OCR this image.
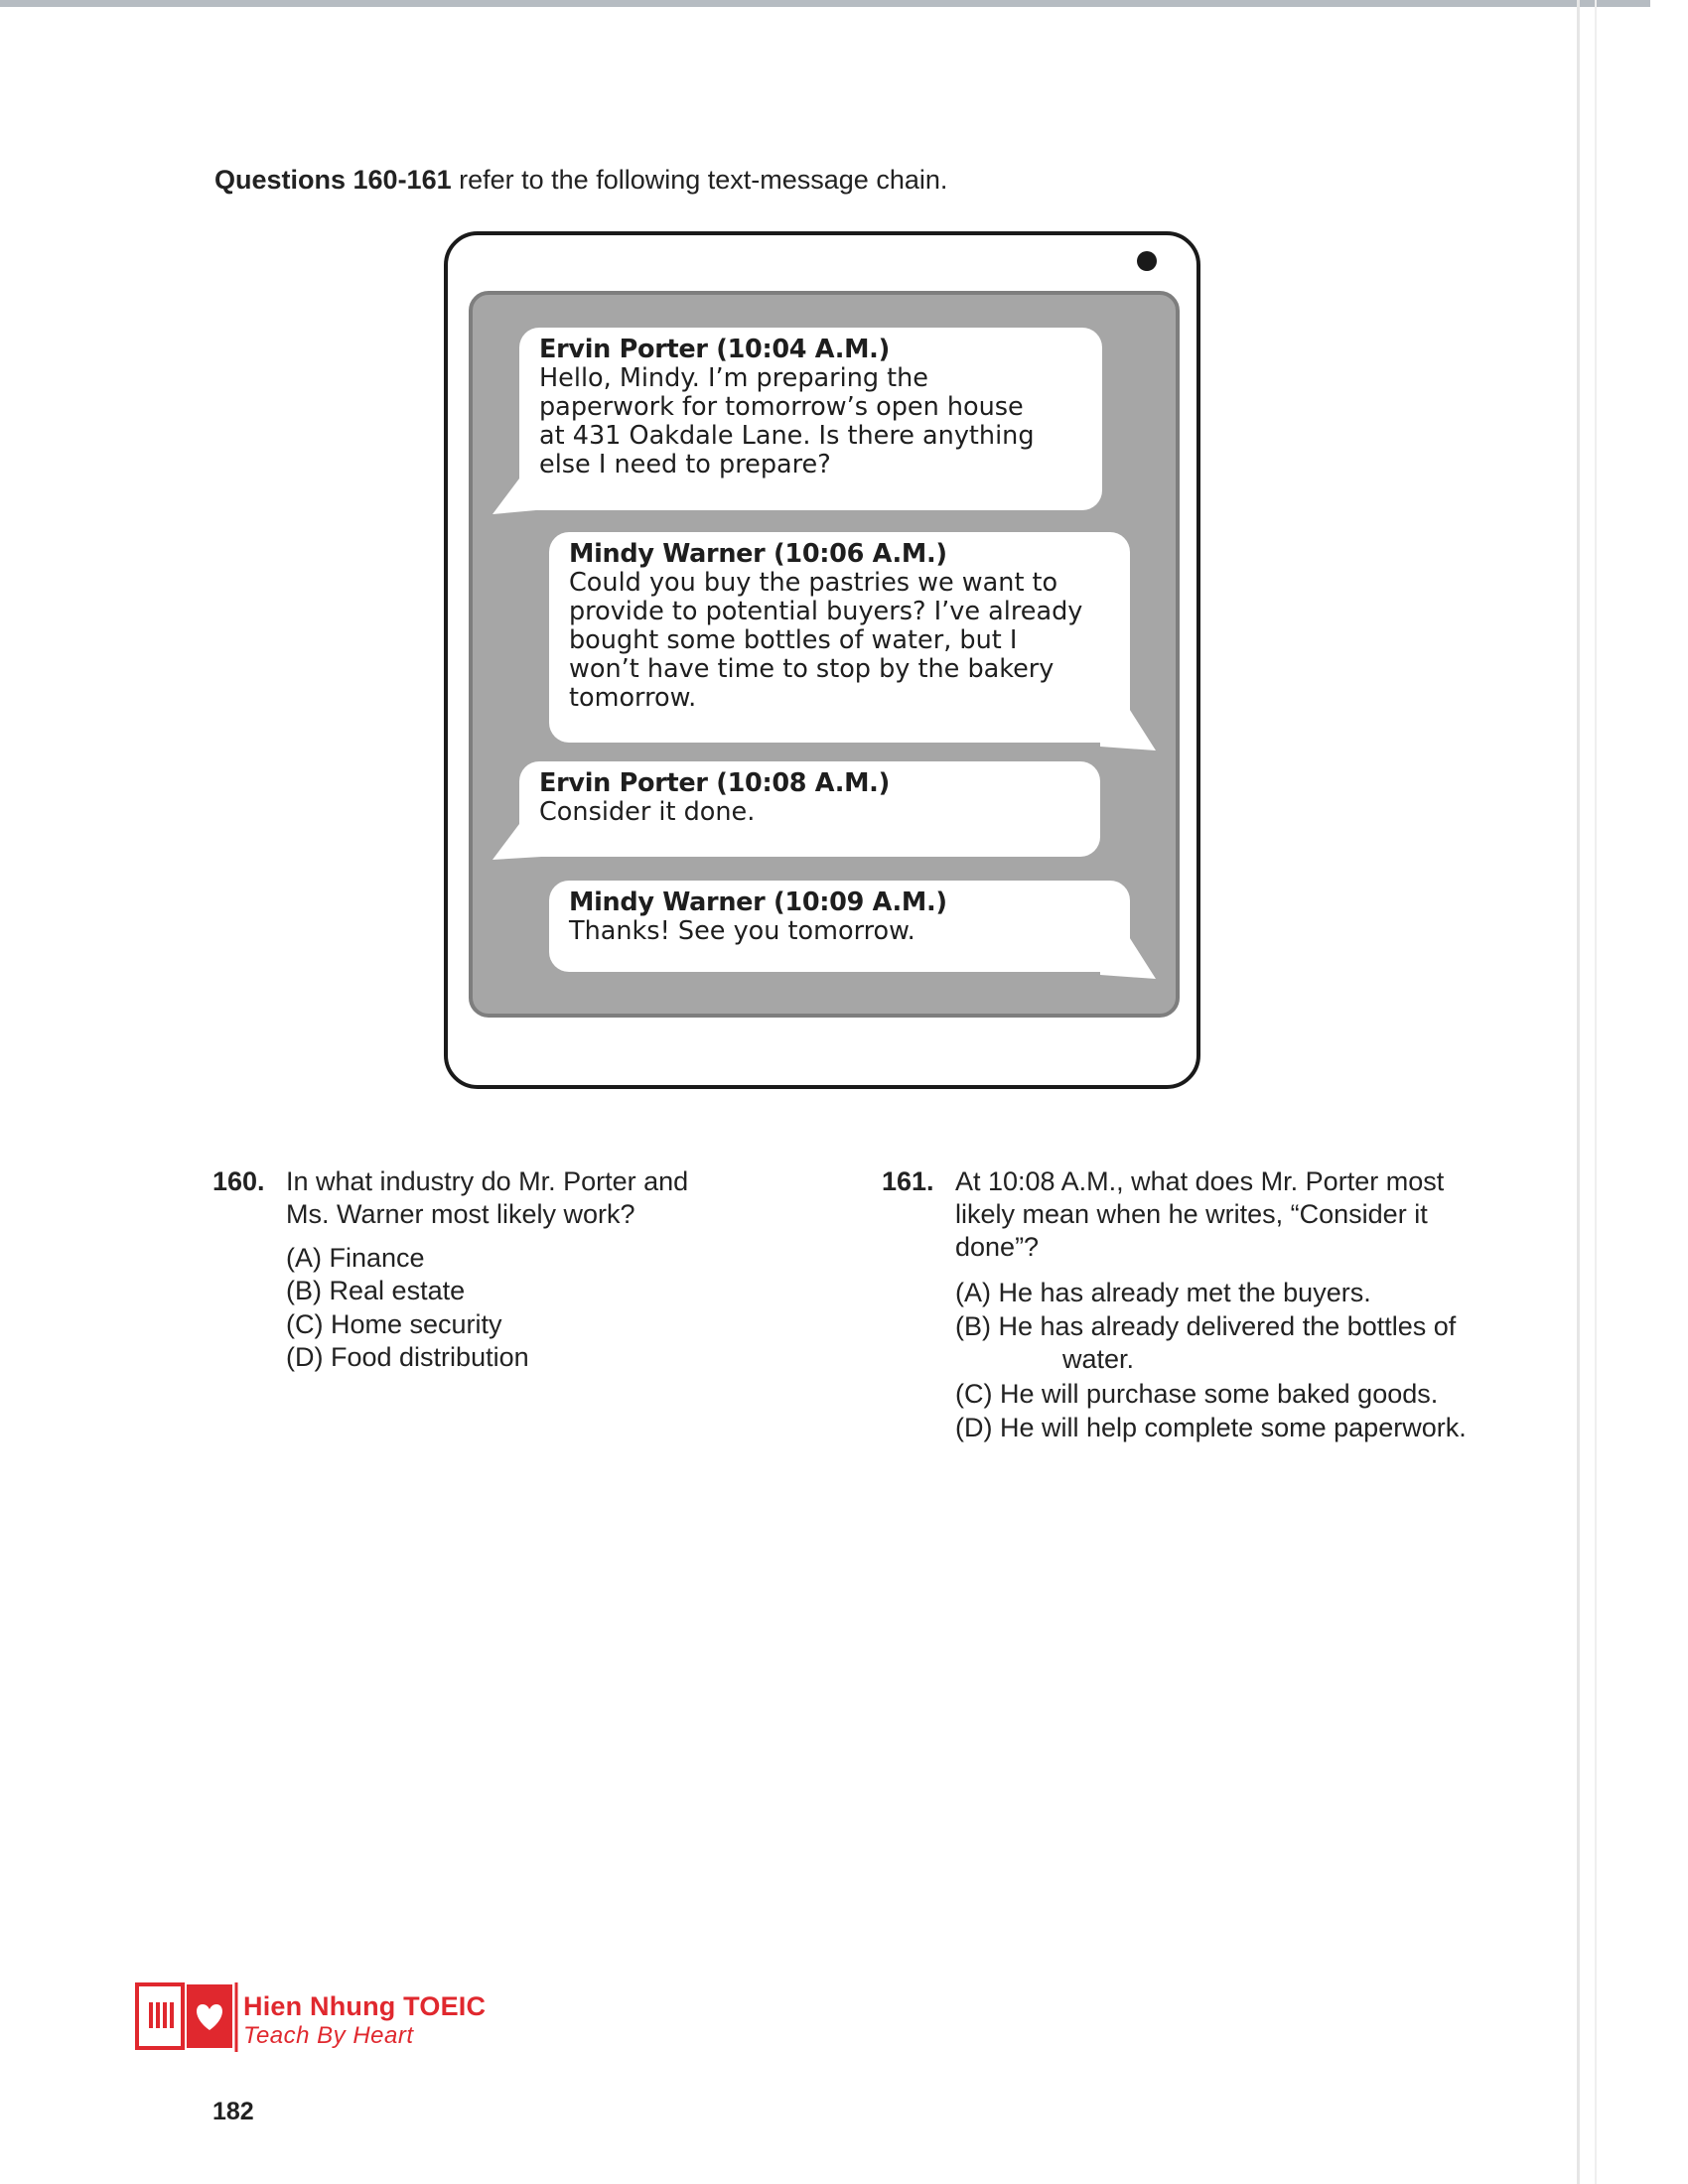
Questions 160-161 refer to the following text-message chain.
Ervin Porter (10:04 A.M.)
Hello, Mindy. I’m preparing the
paperwork for tomorrow’s open house
at 431 Oakdale Lane. Is there anything
else I need to prepare?
Mindy Warner (10:06 A.M.)
Could you buy the pastries we want to
provide to potential buyers? I’ve already
bought some bottles of water, but I
won’t have time to stop by the bakery
tomorrow.
Ervin Porter (10:08 A.M.)
Consider it done.
Mindy Warner (10:09 A.M.)
Thanks! See you tomorrow.
160. In what industry do Mr. Porter and
Ms. Warner most likely work?
(A) Finance
(B) Real estate
(C) Home security
(D) Food distribution
161. At 10:08 A.M., what does Mr. Porter most
likely mean when he writes, “Consider it
done”?
(A) He has already met the buyers.
(B) He has already delivered the bottles of
water.
(C) He will purchase some baked goods.
(D) He will help complete some paperwork.
Hien Nhung TOEIC
Teach By Heart
182
